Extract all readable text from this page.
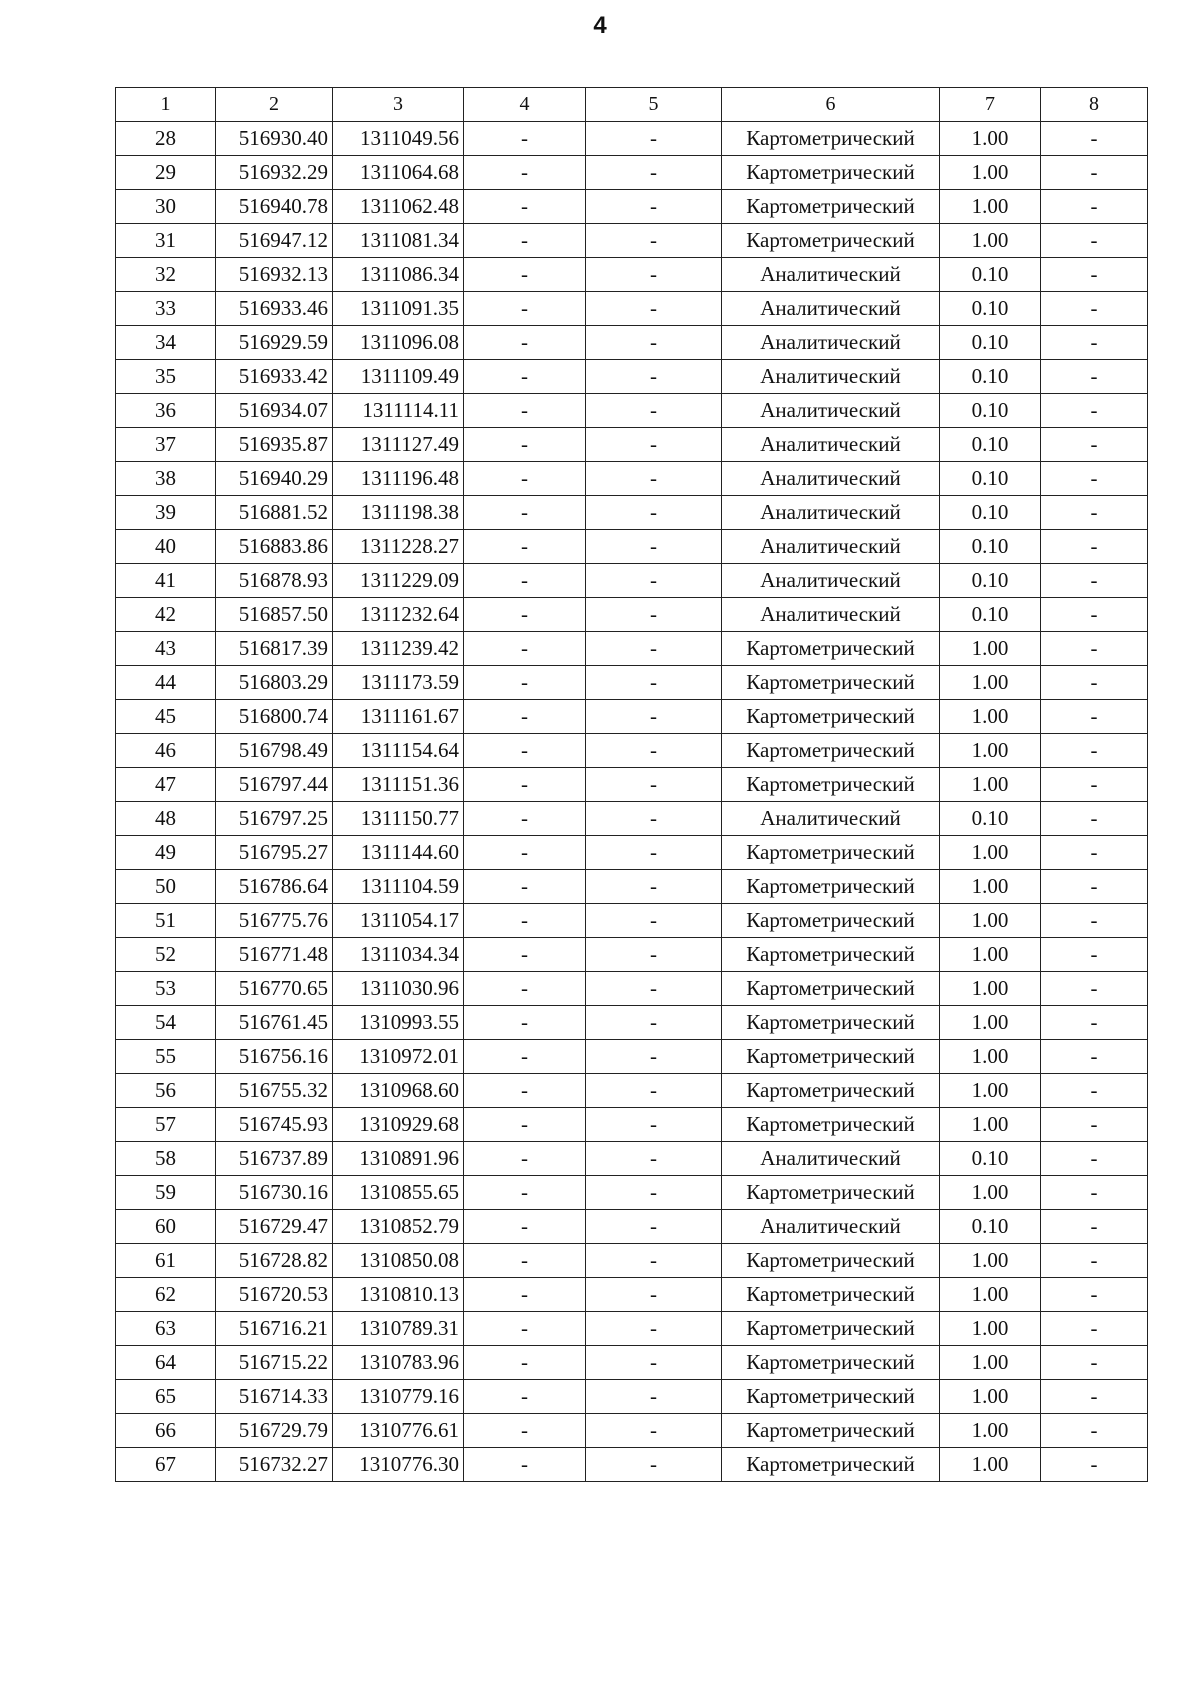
4
1	2	3	4	5	6	7	8
28	516930.40	1311049.56	-	-	Картометрический	1.00	-
29	516932.29	1311064.68	-	-	Картометрический	1.00	-
30	516940.78	1311062.48	-	-	Картометрический	1.00	-
31	516947.12	1311081.34	-	-	Картометрический	1.00	-
32	516932.13	1311086.34	-	-	Аналитический	0.10	-
33	516933.46	1311091.35	-	-	Аналитический	0.10	-
34	516929.59	1311096.08	-	-	Аналитический	0.10	-
35	516933.42	1311109.49	-	-	Аналитический	0.10	-
36	516934.07	1311114.11	-	-	Аналитический	0.10	-
37	516935.87	1311127.49	-	-	Аналитический	0.10	-
38	516940.29	1311196.48	-	-	Аналитический	0.10	-
39	516881.52	1311198.38	-	-	Аналитический	0.10	-
40	516883.86	1311228.27	-	-	Аналитический	0.10	-
41	516878.93	1311229.09	-	-	Аналитический	0.10	-
42	516857.50	1311232.64	-	-	Аналитический	0.10	-
43	516817.39	1311239.42	-	-	Картометрический	1.00	-
44	516803.29	1311173.59	-	-	Картометрический	1.00	-
45	516800.74	1311161.67	-	-	Картометрический	1.00	-
46	516798.49	1311154.64	-	-	Картометрический	1.00	-
47	516797.44	1311151.36	-	-	Картометрический	1.00	-
48	516797.25	1311150.77	-	-	Аналитический	0.10	-
49	516795.27	1311144.60	-	-	Картометрический	1.00	-
50	516786.64	1311104.59	-	-	Картометрический	1.00	-
51	516775.76	1311054.17	-	-	Картометрический	1.00	-
52	516771.48	1311034.34	-	-	Картометрический	1.00	-
53	516770.65	1311030.96	-	-	Картометрический	1.00	-
54	516761.45	1310993.55	-	-	Картометрический	1.00	-
55	516756.16	1310972.01	-	-	Картометрический	1.00	-
56	516755.32	1310968.60	-	-	Картометрический	1.00	-
57	516745.93	1310929.68	-	-	Картометрический	1.00	-
58	516737.89	1310891.96	-	-	Аналитический	0.10	-
59	516730.16	1310855.65	-	-	Картометрический	1.00	-
60	516729.47	1310852.79	-	-	Аналитический	0.10	-
61	516728.82	1310850.08	-	-	Картометрический	1.00	-
62	516720.53	1310810.13	-	-	Картометрический	1.00	-
63	516716.21	1310789.31	-	-	Картометрический	1.00	-
64	516715.22	1310783.96	-	-	Картометрический	1.00	-
65	516714.33	1310779.16	-	-	Картометрический	1.00	-
66	516729.79	1310776.61	-	-	Картометрический	1.00	-
67	516732.27	1310776.30	-	-	Картометрический	1.00	-
